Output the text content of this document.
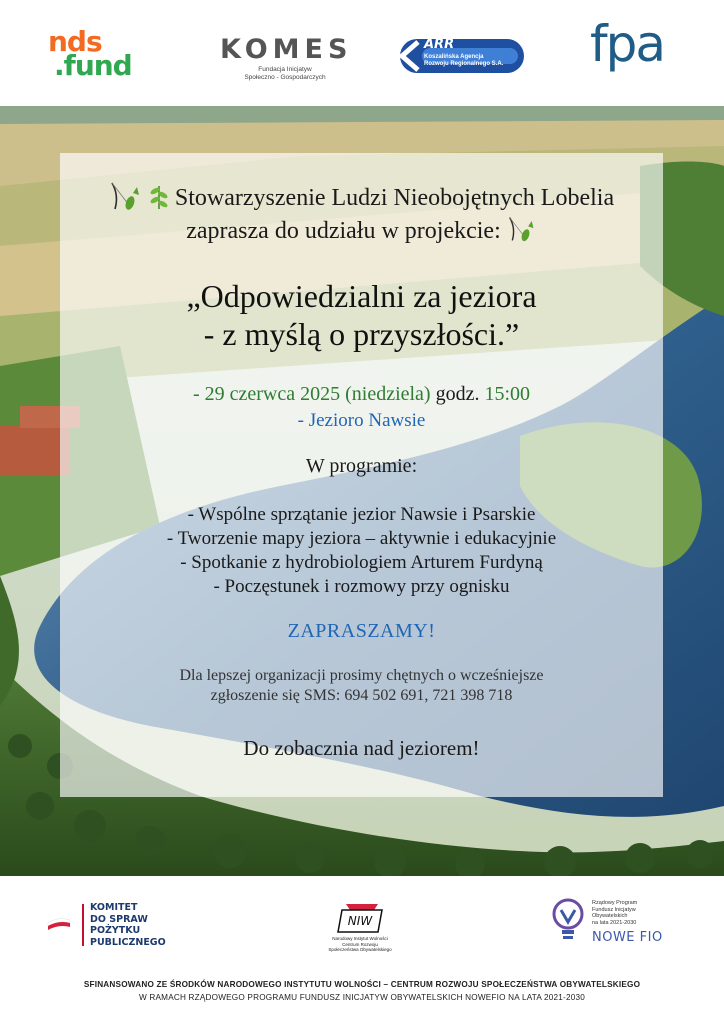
nds
.fund	KOMES
Fundacja Inicjatyw
Społeczno - Gospodarczych
ARR
Koszalińska Agencja
Rozwoju Regionalnego S.A. fpa
Stowarzyszenie Ludzi Nieobojętnych Lobelia
zaprasza do udziału w projekcie:
„Odpowiedzialni za jeziora
- z myślą o przyszłości.”
- 29 czerwca 2025 (niedziela) godz. 15:00
- Jezioro Nawsie
W programie:
- Wspólne sprzątanie jezior Nawsie i Psarskie
- Tworzenie mapy jeziora – aktywnie i edukacyjnie
- Spotkanie z hydrobiologiem Arturem Furdyną
- Poczęstunek i rozmowy przy ognisku
ZAPRASZAMY!
Dla lepszej organizacji prosimy chętnych o wcześniejsze
zgłoszenie się SMS: 694 502 691, 721 398 718
Do zobacznia nad jeziorem!
KOMITET
DO SPRAW
POŻYTKU
PUBLICZNEGO
NIW
Narodowy Instytut Wolności
Centrum Rozwoju Społeczeństwa Obywatelskiego
Rządowy Program
Fundusz Inicjatyw
Obywatelskich
na lata 2021-2030
NOWE FIO
SFINANSOWANO ZE ŚRODKÓW NARODOWEGO INSTYTUTU WOLNOŚCI – CENTRUM ROZWOJU SPOŁECZEŃSTWA OBYWATELSKIEGO
W RAMACH RZĄDOWEGO PROGRAMU FUNDUSZ INICJATYW OBYWATELSKICH NOWEFIO NA LATA 2021-2030
